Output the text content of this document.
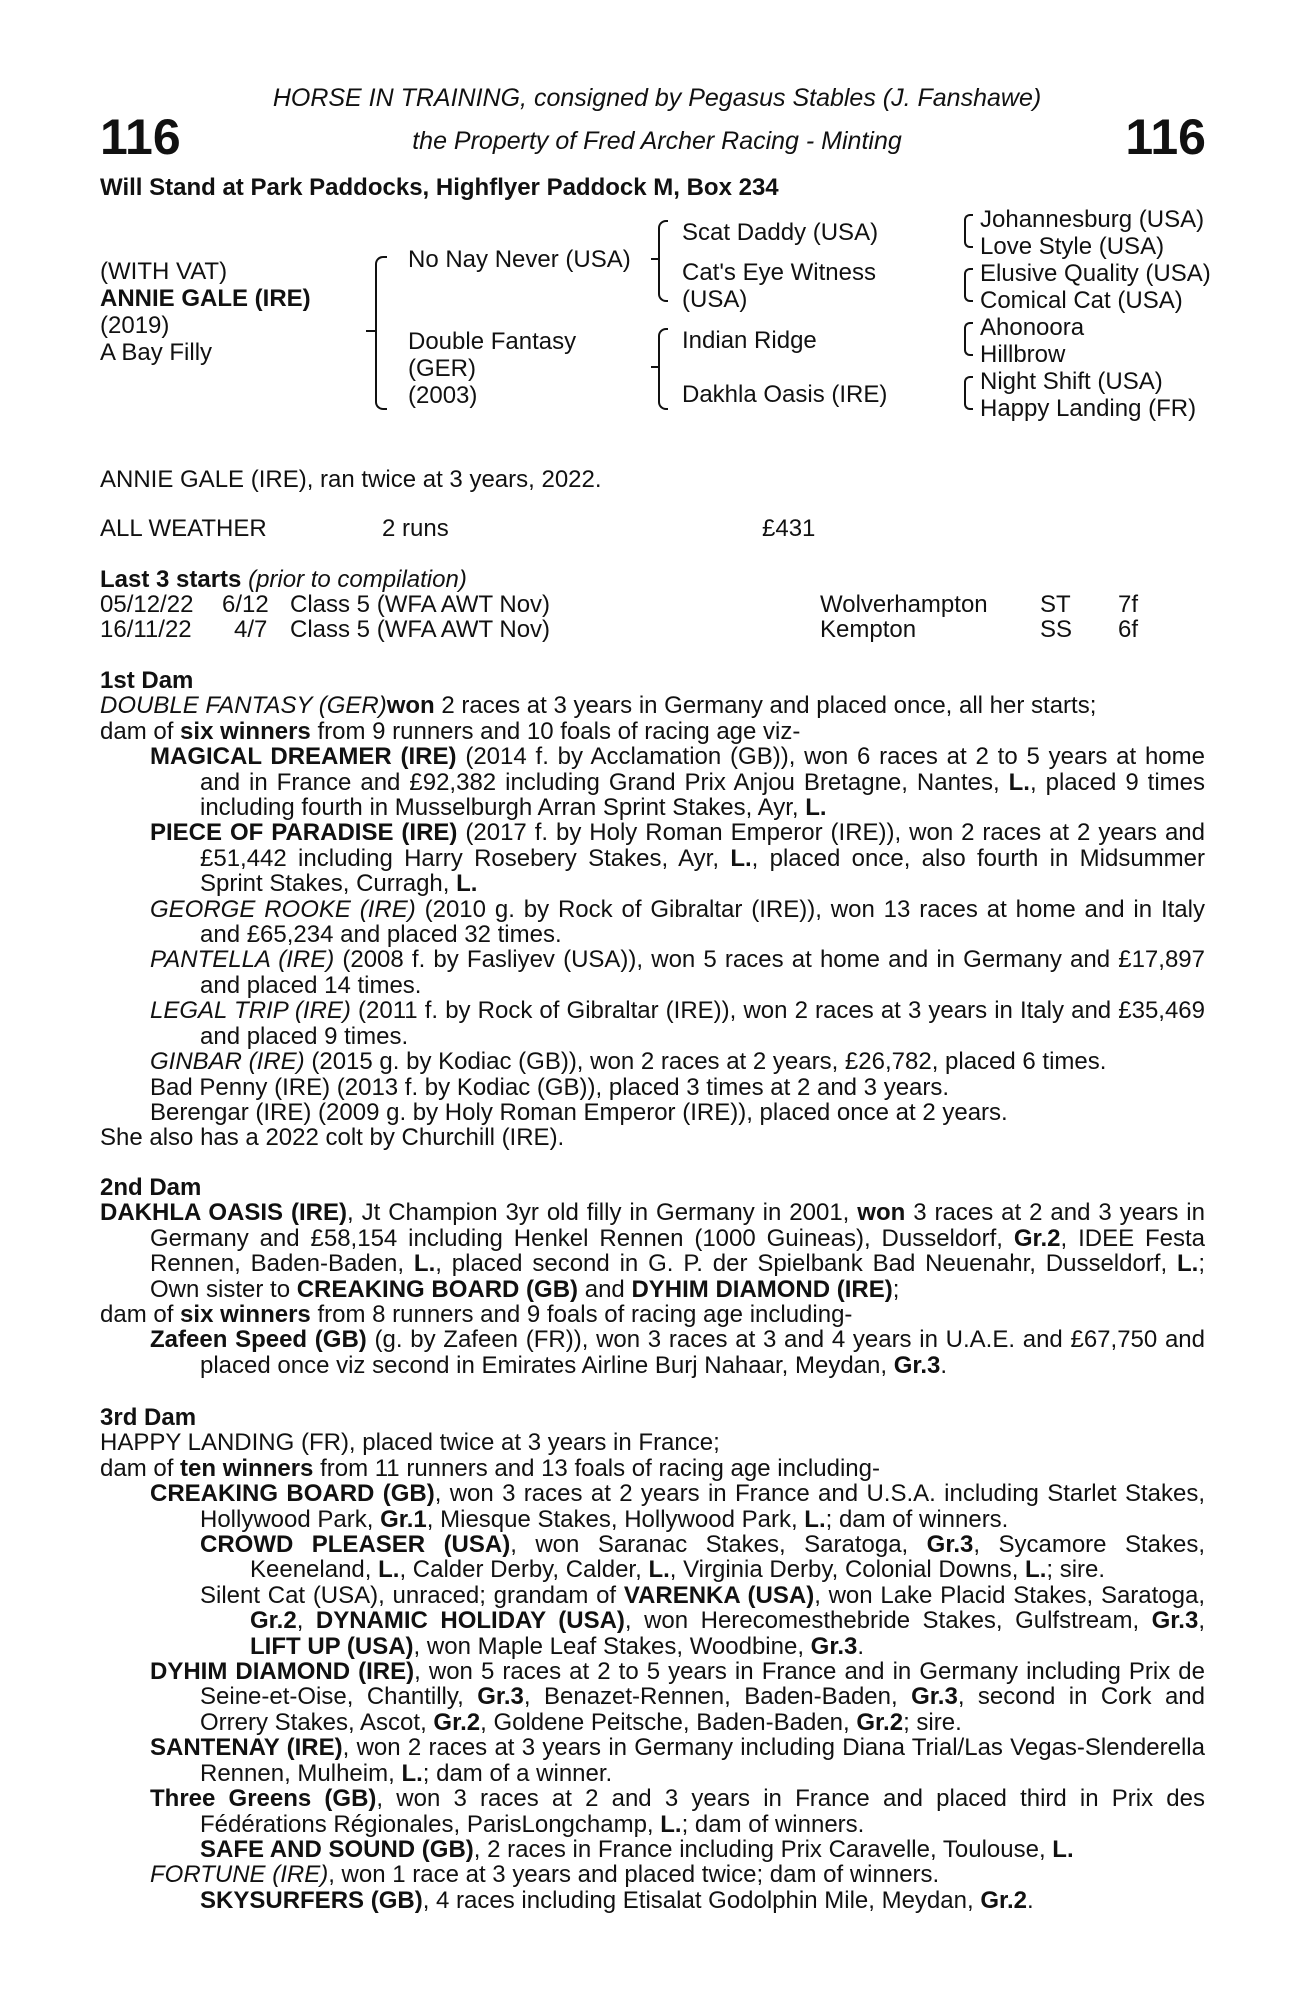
116	116
HORSE IN TRAINING, consigned by Pegasus Stables (J. Fanshawe)
the Property of Fred Archer Racing - Minting
Will Stand at Park Paddocks, Highflyer Paddock M, Box 234
(WITH VAT)
ANNIE GALE (IRE)
(2019)
A Bay Filly
No Nay Never (USA)
Double Fantasy
(GER)
(2003)
Scat Daddy (USA)
Cat's Eye Witness
(USA)
Indian Ridge
Dakhla Oasis (IRE)
Johannesburg (USA)
Love Style (USA)
Elusive Quality (USA)
Comical Cat (USA)
Ahonoora
Hillbrow
Night Shift (USA)
Happy Landing (FR)
ANNIE GALE (IRE), ran twice at 3 years, 2022.
ALL WEATHER	2 runs	£431
Last 3 starts (prior to compilation)
05/12/22 6/12 Class 5 (WFA AWT Nov)	Wolverhampton ST 7f
16/11/22 4/7 Class 5 (WFA AWT Nov)	Kempton	SS 6f

1st Dam

DOUBLE FANTASY (GER)won 2 races at 3 years in Germany and placed once, all her starts;

dam of six winners from 9 runners and 10 foals of racing age viz-

MAGICAL DREAMER (IRE) (2014 f. by Acclamation (GB)), won 6 races at 2 to 5 years at home and in France and £92,382 including Grand Prix Anjou Bretagne, Nantes, L., placed 9 times including fourth in Musselburgh Arran Sprint Stakes, Ayr, L.

PIECE OF PARADISE (IRE) (2017 f. by Holy Roman Emperor (IRE)), won 2 races at 2 years and £51,442 including Harry Rosebery Stakes, Ayr, L., placed once, also fourth in Midsummer Sprint Stakes, Curragh, L.

GEORGE ROOKE (IRE) (2010 g. by Rock of Gibraltar (IRE)), won 13 races at home and in Italy and £65,234 and placed 32 times.

PANTELLA (IRE) (2008 f. by Fasliyev (USA)), won 5 races at home and in Germany and £17,897 and placed 14 times.

LEGAL TRIP (IRE) (2011 f. by Rock of Gibraltar (IRE)), won 2 races at 3 years in Italy and £35,469 and placed 9 times.

GINBAR (IRE) (2015 g. by Kodiac (GB)), won 2 races at 2 years, £26,782, placed 6 times.

Bad Penny (IRE) (2013 f. by Kodiac (GB)), placed 3 times at 2 and 3 years.

Berengar (IRE) (2009 g. by Holy Roman Emperor (IRE)), placed once at 2 years.

She also has a 2022 colt by Churchill (IRE).

2nd Dam

DAKHLA OASIS (IRE), Jt Champion 3yr old filly in Germany in 2001, won 3 races at 2 and 3 years in Germany and £58,154 including Henkel Rennen (1000 Guineas), Dusseldorf, Gr.2, IDEE Festa Rennen, Baden-Baden, L., placed second in G. P. der Spielbank Bad Neuenahr, Dusseldorf, L.; Own sister to CREAKING BOARD (GB) and DYHIM DIAMOND (IRE);

dam of six winners from 8 runners and 9 foals of racing age including-

Zafeen Speed (GB) (g. by Zafeen (FR)), won 3 races at 3 and 4 years in U.A.E. and £67,750 and placed once viz second in Emirates Airline Burj Nahaar, Meydan, Gr.3.

3rd Dam

HAPPY LANDING (FR), placed twice at 3 years in France;

dam of ten winners from 11 runners and 13 foals of racing age including-

CREAKING BOARD (GB), won 3 races at 2 years in France and U.S.A. including Starlet Stakes, Hollywood Park, Gr.1, Miesque Stakes, Hollywood Park, L.; dam of winners.

CROWD PLEASER (USA), won Saranac Stakes, Saratoga, Gr.3, Sycamore Stakes, Keeneland, L., Calder Derby, Calder, L., Virginia Derby, Colonial Downs, L.; sire.

Silent Cat (USA), unraced; grandam of VARENKA (USA), won Lake Placid Stakes, Saratoga, Gr.2, DYNAMIC HOLIDAY (USA), won Herecomesthebride Stakes, Gulfstream, Gr.3, LIFT UP (USA), won Maple Leaf Stakes, Woodbine, Gr.3.

DYHIM DIAMOND (IRE), won 5 races at 2 to 5 years in France and in Germany including Prix de Seine-et-Oise, Chantilly, Gr.3, Benazet-Rennen, Baden-Baden, Gr.3, second in Cork and Orrery Stakes, Ascot, Gr.2, Goldene Peitsche, Baden-Baden, Gr.2; sire.

SANTENAY (IRE), won 2 races at 3 years in Germany including Diana Trial/Las Vegas-Slenderella Rennen, Mulheim, L.; dam of a winner.

Three Greens (GB), won 3 races at 2 and 3 years in France and placed third in Prix des Fédérations Régionales, ParisLongchamp, L.; dam of winners.

SAFE AND SOUND (GB), 2 races in France including Prix Caravelle, Toulouse, L.

FORTUNE (IRE), won 1 race at 3 years and placed twice; dam of winners.

SKYSURFERS (GB), 4 races including Etisalat Godolphin Mile, Meydan, Gr.2.
